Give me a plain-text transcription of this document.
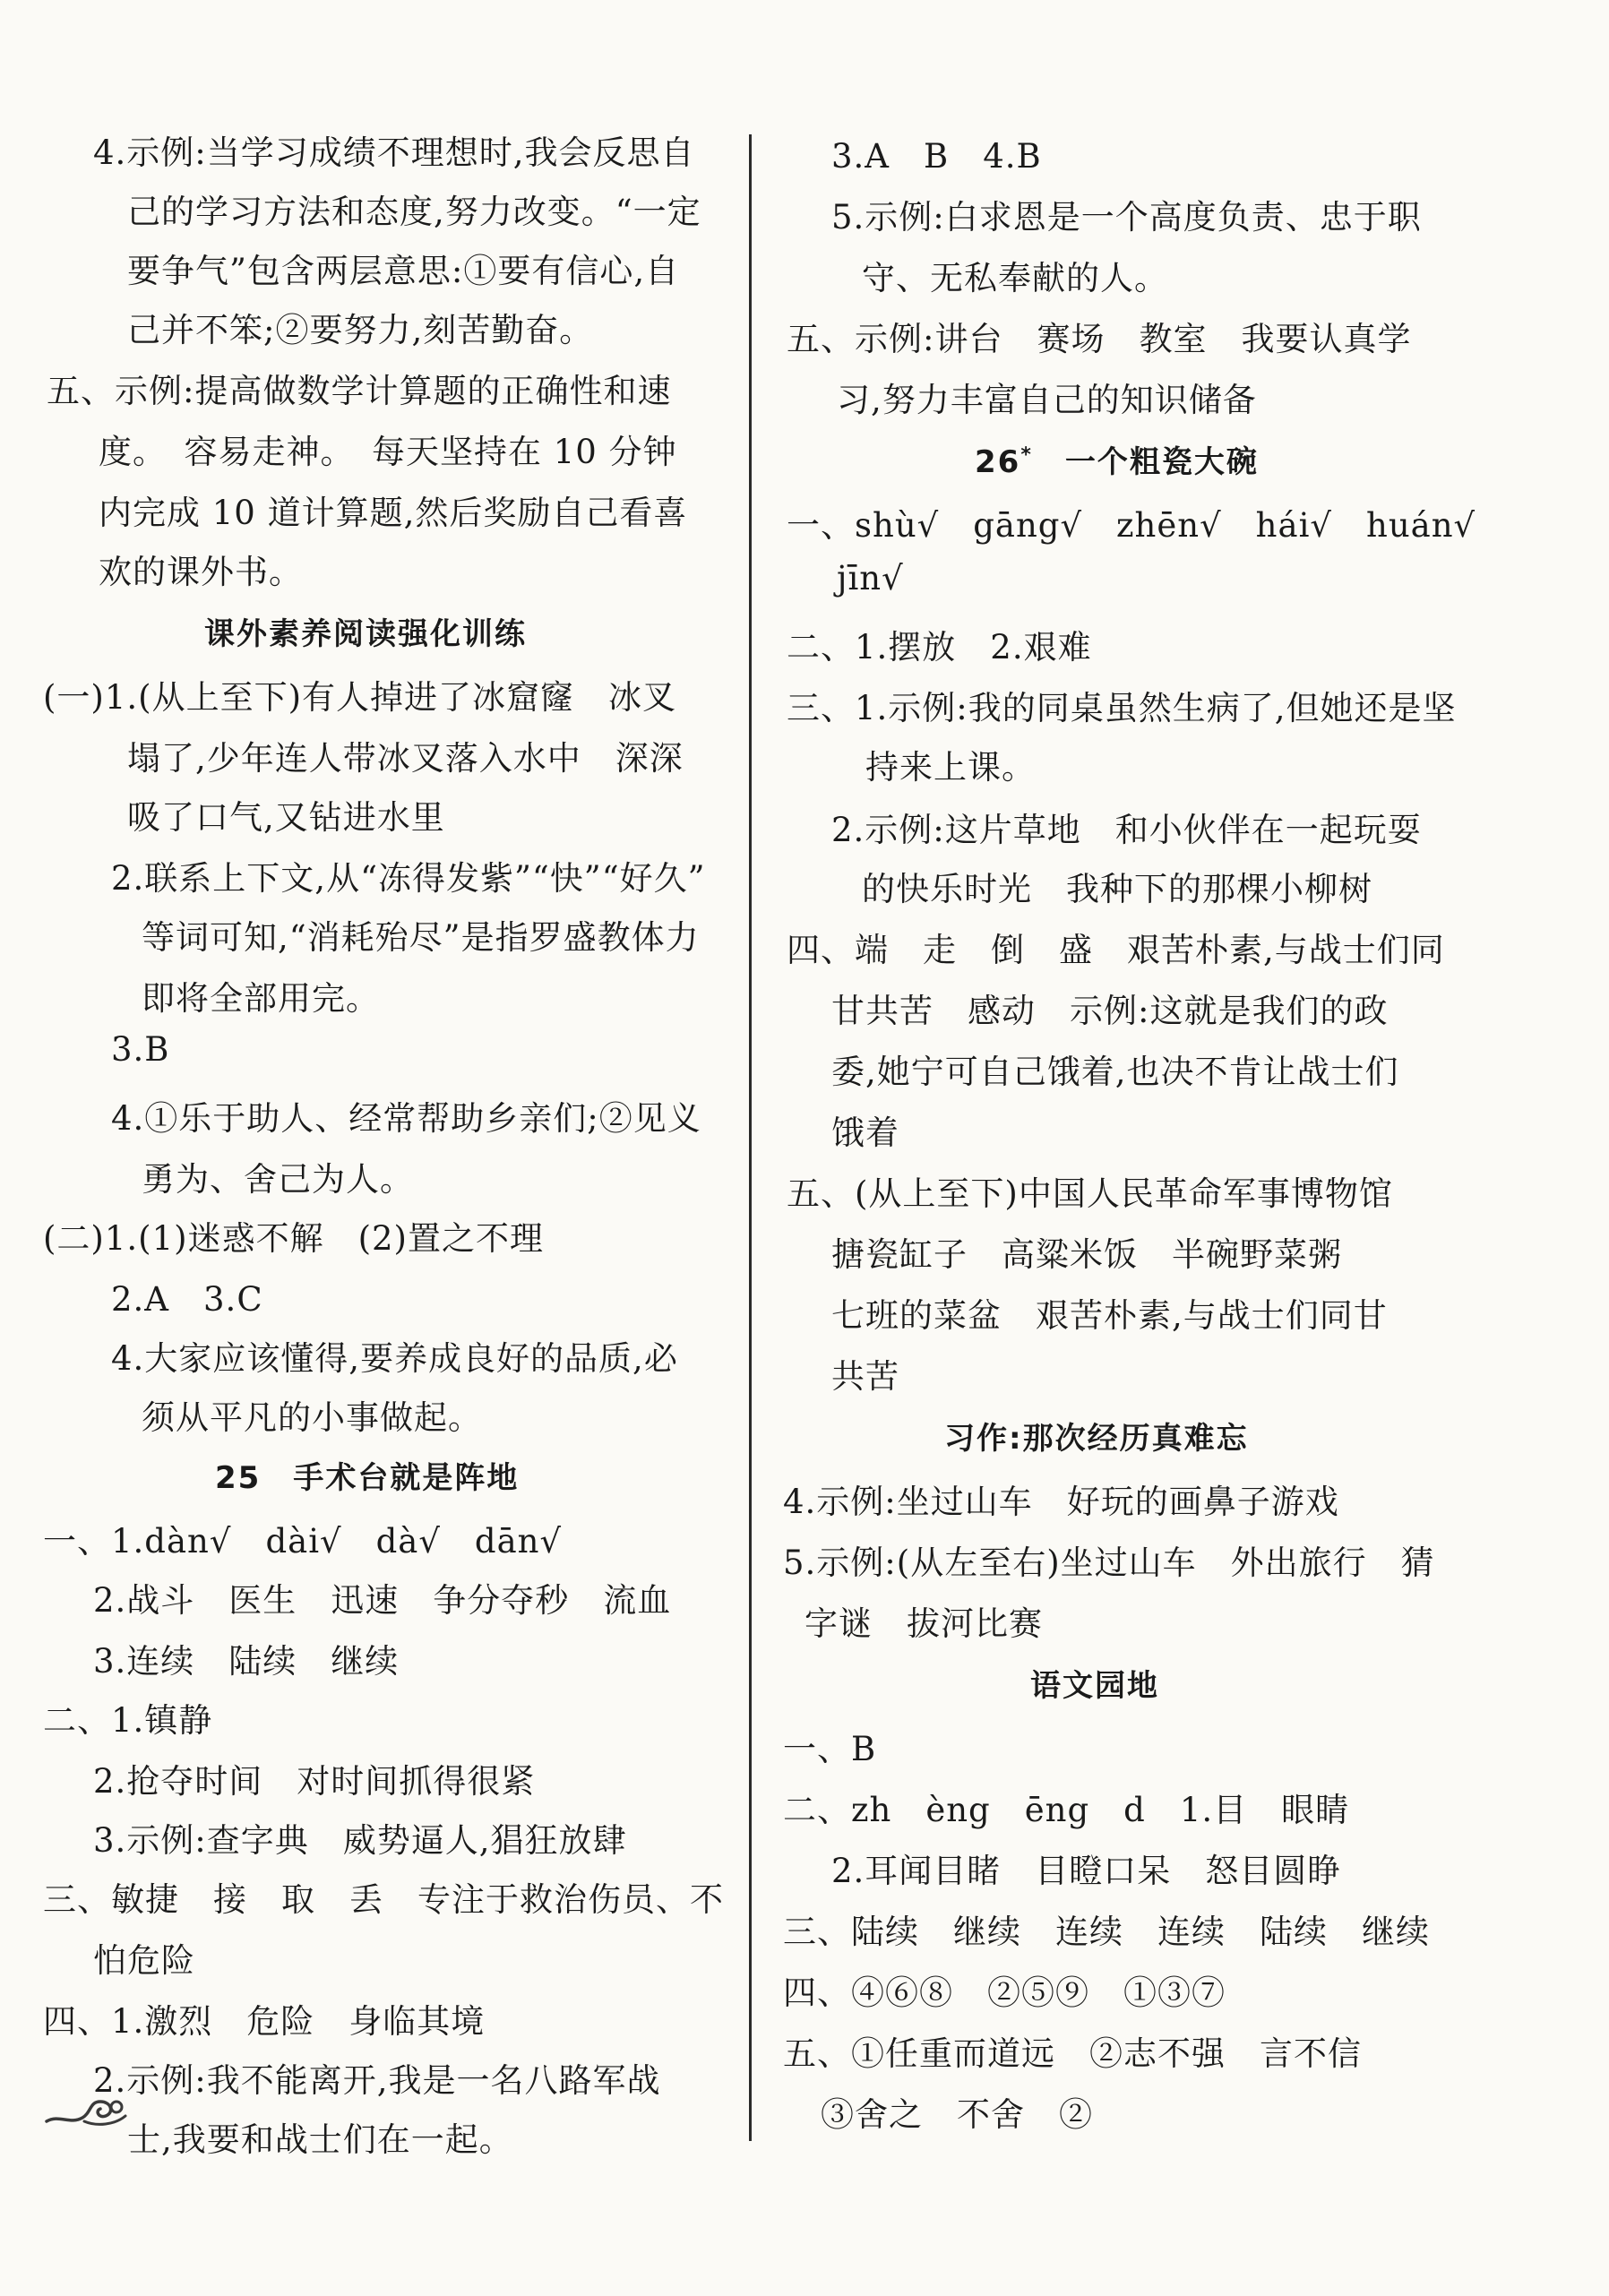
4.示例:当学习成绩不理想时,我会反思自
己的学习方法和态度,努力改变。“一定
要争气”包含两层意思:①要有信心,自
己并不笨;②要努力,刻苦勤奋。
五、示例:提高做数学计算题的正确性和速
度。　容易走神。　每天坚持在 10 分钟
内完成 10 道计算题,然后奖励自己看喜
欢的课外书。
课外素养阅读强化训练
(一)1.(从上至下)有人掉进了冰窟窿　冰叉
塌了,少年连人带冰叉落入水中　深深
吸了口气,又钻进水里
2.联系上下文,从“冻得发紫”“快”“好久”
等词可知,“消耗殆尽”是指罗盛教体力
即将全部用完。
3.B
4.①乐于助人、经常帮助乡亲们;②见义
勇为、舍己为人。
(二)1.(1)迷惑不解　(2)置之不理
2.A　3.C
4.大家应该懂得,要养成良好的品质,必
须从平凡的小事做起。
25　手术台就是阵地
一、1.dàn√　dài√　dà√　dān√
2.战斗　医生　迅速　争分夺秒　流血
3.连续　陆续　继续
二、1.镇静
2.抢夺时间　对时间抓得很紧
3.示例:查字典　威势逼人,猖狂放肆
三、敏捷　接　取　丢　专注于救治伤员、不
怕危险
四、1.激烈　危险　身临其境
2.示例:我不能离开,我是一名八路军战
士,我要和战士们在一起。
3.A　B　4.B
5.示例:白求恩是一个高度负责、忠于职
守、无私奉献的人。
五、示例:讲台　赛场　教室　我要认真学
习,努力丰富自己的知识储备
26*　 一个粗瓷大碗
一、shù√　gāng√　zhēn√　hái√　huán√
jīn√
二、1.摆放　2.艰难
三、1.示例:我的同桌虽然生病了,但她还是坚
持来上课。
2.示例:这片草地　和小伙伴在一起玩耍
的快乐时光　我种下的那棵小柳树
四、端　走　倒　盛　艰苦朴素,与战士们同
甘共苦　感动　示例:这就是我们的政
委,她宁可自己饿着,也决不肯让战士们
饿着
五、(从上至下)中国人民革命军事博物馆
搪瓷缸子　高粱米饭　半碗野菜粥
七班的菜盆　艰苦朴素,与战士们同甘
共苦
习作:那次经历真难忘
4.示例:坐过山车　好玩的画鼻子游戏
5.示例:(从左至右)坐过山车　外出旅行　猜
字谜　拔河比赛
语文园地
一、B
二、zh　èng　ēng　d　1.目　眼睛
2.耳闻目睹　目瞪口呆　怒目圆睁
三、陆续　继续　连续　连续　陆续　继续
四、④⑥⑧　②⑤⑨　①③⑦
五、①任重而道远　②志不强　言不信
③舍之　不舍　②
